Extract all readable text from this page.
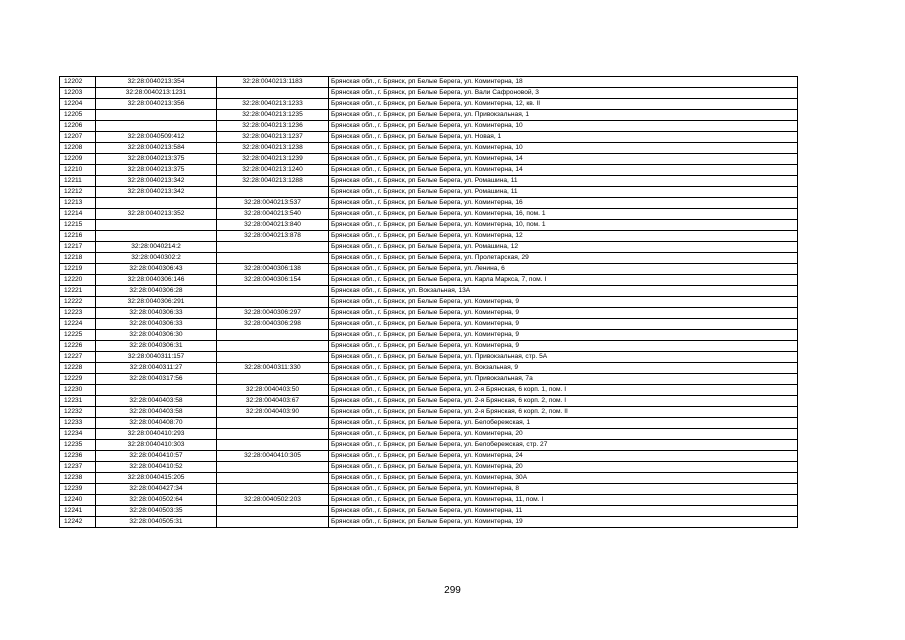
12202	32:28:0040213:354	32:28:0040213:1183	Брянская обл., г. Брянск, рп Белые Берега, ул. Коминтерна, 18
12203	32:28:0040213:1231		Брянская обл., г. Брянск, рп Белые Берега, ул. Вали Сафроновой, 3
12204	32:28:0040213:356	32:28:0040213:1233	Брянская обл., г. Брянск, рп Белые Берега, ул. Коминтерна, 12, кв. II
12205		32:28:0040213:1235	Брянская обл., г. Брянск, рп Белые Берега, ул. Привокзальная, 1
12206		32:28:0040213:1236	Брянская обл., г. Брянск, рп Белые Берега, ул. Коминтерна, 10
12207	32:28:0040509:412	32:28:0040213:1237	Брянская обл., г. Брянск, рп Белые Берега, ул. Новая, 1
12208	32:28:0040213:584	32:28:0040213:1238	Брянская обл., г. Брянск, рп Белые Берега, ул. Коминтерна, 10
12209	32:28:0040213:375	32:28:0040213:1239	Брянская обл., г. Брянск, рп Белые Берега, ул. Коминтерна, 14
12210	32:28:0040213:375	32:28:0040213:1240	Брянская обл., г. Брянск, рп Белые Берега, ул. Коминтерна, 14
12211	32:28:0040213:342	32:28:0040213:1288	Брянская обл., г. Брянск, рп Белые Берега, ул. Ромашина, 11
12212	32:28:0040213:342		Брянская обл., г. Брянск, рп Белые Берега, ул. Ромашина, 11
12213		32:28:0040213:537	Брянская обл., г. Брянск, рп Белые Берега, ул. Коминтерна, 16
12214	32:28:0040213:352	32:28:0040213:540	Брянская обл., г. Брянск, рп Белые Берега, ул. Коминтерна, 16, пом. 1
12215		32:28:0040213:840	Брянская обл., г. Брянск, рп Белые Берега, ул. Коминтерна, 10, пом. 1
12216		32:28:0040213:878	Брянская обл., г. Брянск, рп Белые Берега, ул. Коминтерна, 12
12217	32:28:0040214:2		Брянская обл., г. Брянск, рп Белые Берега, ул. Ромашина, 12
12218	32:28:0040302:2		Брянская обл., г. Брянск, рп Белые Берега, ул. Пролетарская, 29
12219	32:28:0040306:43	32:28:0040306:138	Брянская обл., г. Брянск, рп Белые Берега, ул. Ленина, 6
12220	32:28:0040306:146	32:28:0040306:154	Брянская обл., г. Брянск, рп Белые Берега, ул. Карла Маркса, 7, пом. I
12221	32:28:0040306:28		Брянская обл., г. Брянск, ул. Вокзальная, 13А
12222	32:28:0040306:291		Брянская обл., г. Брянск, рп Белые Берега, ул. Коминтерна, 9
12223	32:28:0040306:33	32:28:0040306:297	Брянская обл., г. Брянск, рп Белые Берега, ул. Коминтерна, 9
12224	32:28:0040306:33	32:28:0040306:298	Брянская обл., г. Брянск, рп Белые Берега, ул. Коминтерна, 9
12225	32:28:0040306:30		Брянская обл., г. Брянск, рп Белые Берега, ул. Коминтерна, 9
12226	32:28:0040306:31		Брянская обл., г. Брянск, рп Белые Берега, ул. Коминтерна, 9
12227	32:28:0040311:157		Брянская обл., г. Брянск, рп Белые Берега, ул. Привокзальная, стр. 5А
12228	32:28:0040311:27	32:28:0040311:330	Брянская обл., г. Брянск, рп Белые Берега, ул. Вокзальная, 9
12229	32:28:0040317:56		Брянская обл., г. Брянск, рп Белые Берега, ул. Привокзальная, 7а
12230		32:28:0040403:50	Брянская обл., г. Брянск, рп Белые Берега, ул. 2-я Брянская, 6 корп. 1, пом. I
12231	32:28:0040403:58	32:28:0040403:67	Брянская обл., г. Брянск, рп Белые Берега, ул. 2-я Брянская, 6 корп. 2, пом. I
12232	32:28:0040403:58	32:28:0040403:90	Брянская обл., г. Брянск, рп Белые Берега, ул. 2-я Брянская, 6 корп. 2, пом. II
12233	32:28:0040408:70		Брянская обл., г. Брянск, рп Белые Берега, ул. Белобережская, 1
12234	32:28:0040410:293		Брянская обл., г. Брянск, рп Белые Берега, ул. Коминтерна, 20
12235	32:28:0040410:303		Брянская обл., г. Брянск, рп Белые Берега, ул. Белобережская, стр. 27
12236	32:28:0040410:57	32:28:0040410:305	Брянская обл., г. Брянск, рп Белые Берега, ул. Коминтерна, 24
12237	32:28:0040410:52		Брянская обл., г. Брянск, рп Белые Берега, ул. Коминтерна, 20
12238	32:28:0040415:205		Брянская обл., г. Брянск, рп Белые Берега, ул. Коминтерна, 30А
12239	32:28:0040427:34		Брянская обл., г. Брянск, рп Белые Берега, ул. Коминтерна, 8
12240	32:28:0040502:64	32:28:0040502:203	Брянская обл., г. Брянск, рп Белые Берега, ул. Коминтерна, 11, пом. I
12241	32:28:0040503:35		Брянская обл., г. Брянск, рп Белые Берега, ул. Коминтерна, 11
12242	32:28:0040505:31		Брянская обл., г. Брянск, рп Белые Берега, ул. Коминтерна, 19
299
